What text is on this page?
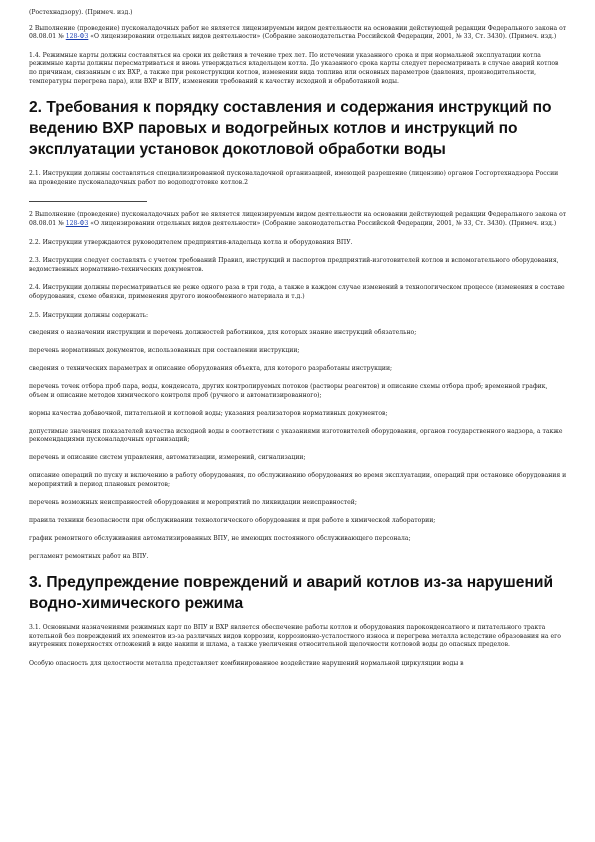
(Ростехнадзору). (Примеч. изд.)

2 Выполнение (проведение) пусконаладочных работ не является лицензируемым видом деятельности на основании действующей редакции Федерального закона от 08.08.01 № 128-ФЗ «О лицензировании отдельных видов деятельности» (Собрание законодательства Российской Федерации, 2001, № 33, Ст. 3430). (Примеч. изд.)

1.4. Режимные карты должны составляться на сроки их действия в течение трех лет. По истечении указанного срока и при нормальной эксплуатации котла режимные карты должны пересматриваться и вновь утверждаться владельцем котла. До указанного срока карты следует пересматривать в случае аварий котлов по причинам, связанным с их ВХР, а также при реконструкции котлов, изменении вида топлива или основных параметров (давления, производительности, температуры перегрева пара), или ВХР и ВПУ, изменении требований к качеству исходной и обработанной воды.

2. Требования к порядку составления и содержания инструкций по ведению ВХР паровых и водогрейных котлов и инструкций по эксплуатации установок докотловой обработки воды

2.1. Инструкции должны составляться специализированной пусконаладочной организацией, имеющей разрешение (лицензию) органов Госгортехнадзора России на проведение пусконаладочных работ по водоподготовке котлов.2

2 Выполнение (проведение) пусконаладочных работ не является лицензируемым видом деятельности на основании действующей редакции Федерального закона от 08.08.01 № 128-ФЗ «О лицензировании отдельных видов деятельности» (Собрание законодательства Российской Федерации, 2001, № 33, Ст. 3430). (Примеч. изд.)

2.2. Инструкции утверждаются руководителем предприятия-владельца котла и оборудования ВПУ.

2.3. Инструкции следует составлять с учетом требований Правил, инструкций и паспортов предприятий-изготовителей котлов и вспомогательного оборудования, ведомственных нормативно-технических документов.

2.4. Инструкции должны пересматриваться не реже одного раза в три года, а также в каждом случае изменений в технологическом процессе (изменения в составе оборудования, схеме обвязки, применения другого ионообменного материала и т.д.)

2.5. Инструкции должны содержать:

сведения о назначении инструкции и перечень должностей работников, для которых знание инструкций обязательно;

перечень нормативных документов, использованных при составлении инструкции;

сведения о технических параметрах и описание оборудования объекта, для которого разработаны инструкции;

перечень точек отбора проб пара, воды, конденсата, других контролируемых потоков (растворы реагентов) и описание схемы отбора проб; временной график, объем и описание методов химического контроля проб (ручного и автоматизированного);

нормы качества добавочной, питательной и котловой воды; указания реализаторов нормативных документов;

допустимые значения показателей качества исходной воды в соответствии с указаниями изготовителей оборудования, органов государственного надзора, а также рекомендациями пусконаладочных организаций;

перечень и описание систем управления, автоматизации, измерений, сигнализации;

описание операций по пуску и включению в работу оборудования, по обслуживанию оборудования во время эксплуатации, операций при остановке оборудования и мероприятий в период плановых ремонтов;

перечень возможных неисправностей оборудования и мероприятий по ликвидации неисправностей;

правила техники безопасности при обслуживании технологического оборудования и при работе в химической лаборатории;

график ремонтного обслуживания автоматизированных ВПУ, не имеющих постоянного обслуживающего персонала;

регламент ремонтных работ на ВПУ.

3. Предупреждение повреждений и аварий котлов из-за нарушений водно-химического режима

3.1. Основными назначениями режимных карт по ВПУ и ВХР является обеспечение работы котлов и оборудования пароконденсатного и питательного тракта котельной без повреждений их элементов из-за различных видов коррозии, коррозионно-усталостного износа и перегрева металла вследствие образования на его внутренних поверхностях отложений в виде накипи и шлама, а также увеличения относительной щелочности котловой воды до опасных пределов.

Особую опасность для целостности металла представляет комбинированное воздействие нарушений нормальной циркуляции воды в
